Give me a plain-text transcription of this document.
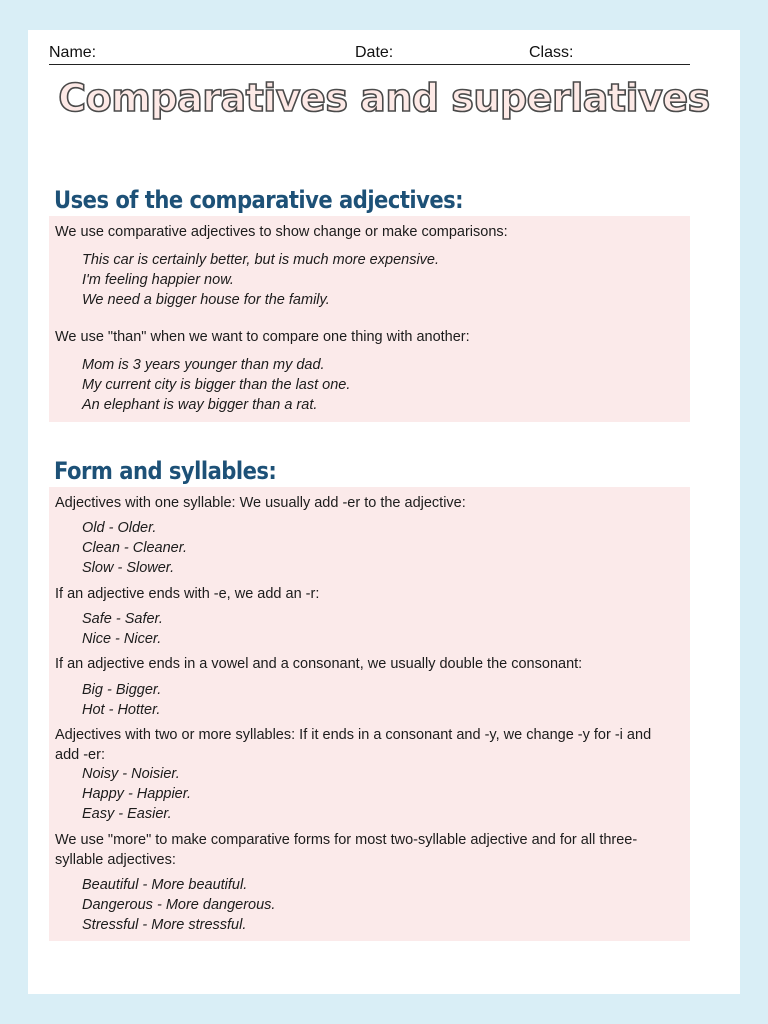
Name:	Date:	Class:
Comparatives and superlatives
We use comparative adjectives to show change or make comparisons:
This car is certainly better, but is much more expensive.
I'm feeling happier now.
We need a bigger house for the family.
We use "than" when we want to compare one thing with another:
Mom is 3 years younger than my dad.
My current city is bigger than the last one.
An elephant is way bigger than a rat.
Uses of the comparative adjectives:
Adjectives with one syllable: We usually add -er to the adjective:
Old - Older.
Clean - Cleaner.
Slow - Slower.
If an adjective ends with -e, we add an -r:
Safe - Safer.
Nice - Nicer.
If an adjective ends in a vowel and a consonant, we usually double the consonant:
Big - Bigger.
Hot - Hotter.
Adjectives with two or more syllables: If it ends in a consonant and -y, we change -y for -i and add -er:
Noisy - Noisier.
Happy - Happier.
Easy - Easier.
We use "more" to make comparative forms for most two-syllable adjective and for all three-syllable adjectives:
Beautiful - More beautiful.
Dangerous - More dangerous.
Stressful - More stressful.
Form and syllables:
